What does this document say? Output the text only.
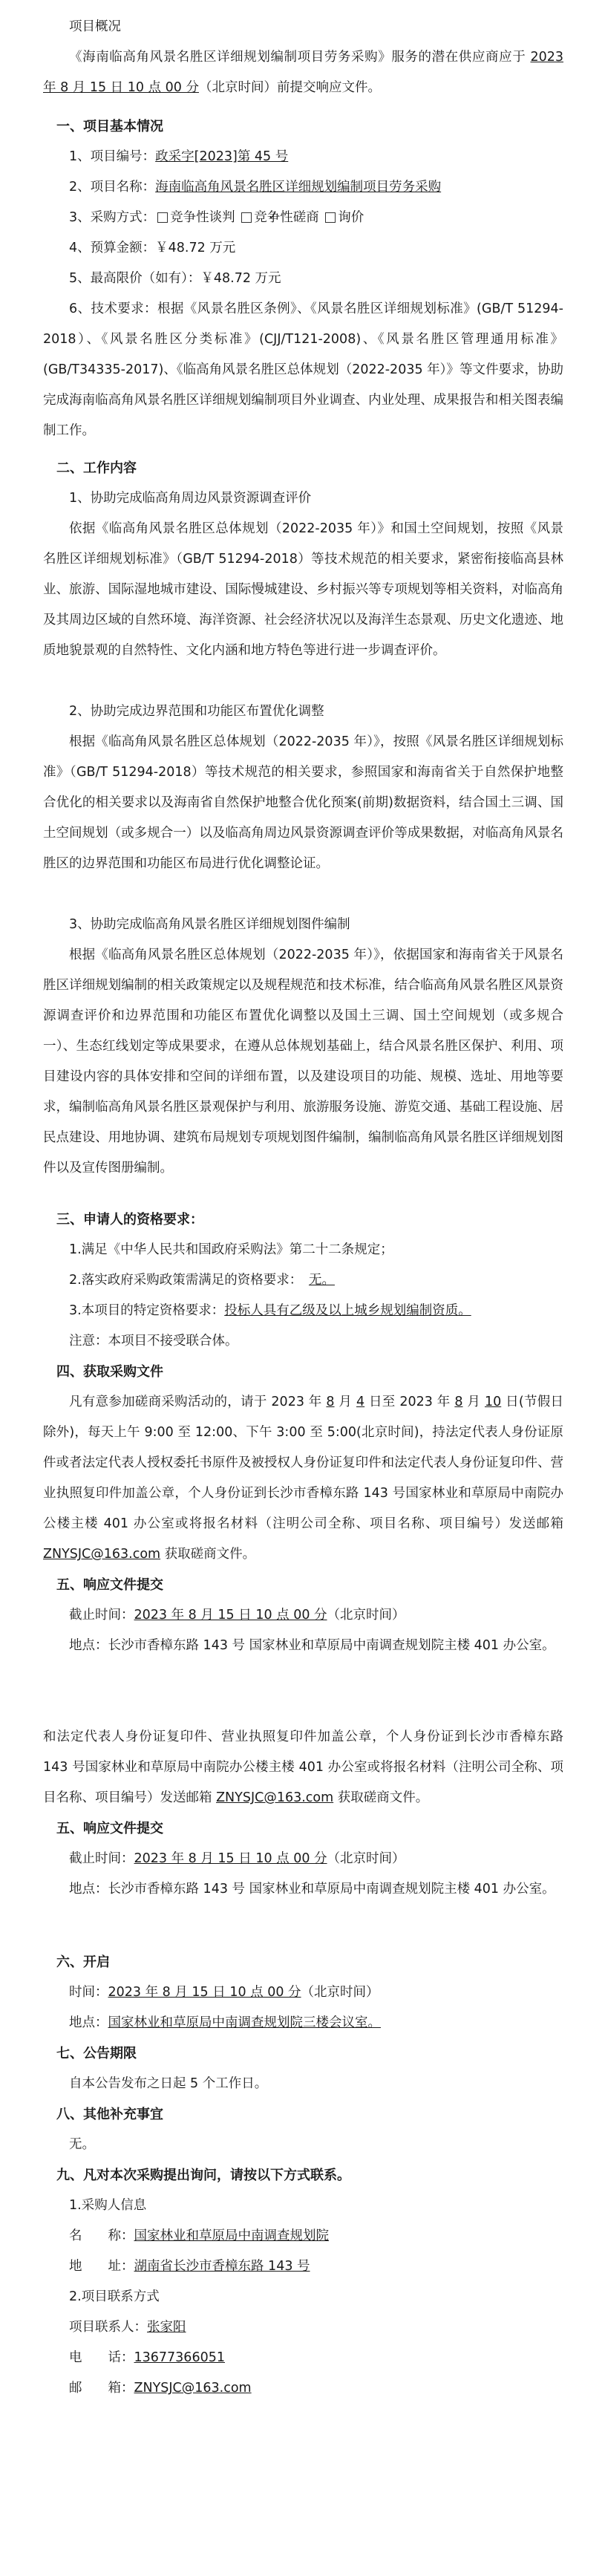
项目概况
《海南临高角风景名胜区详细规划编制项目劳务采购》服务的潜在供应商应于 2023 年 8 月 15 日 10 点 00 分（北京时间）前提交响应文件。
一、项目基本情况
1、项目编号：政采字[2023]第 45 号
2、项目名称：海南临高角风景名胜区详细规划编制项目劳务采购
3、采购方式： 竞争性谈判 ✓ 竞争性磋商 询价
4、预算金额：￥48.72 万元
5、最高限价（如有）：￥48.72 万元
6、技术要求：根据《风景名胜区条例》、《风景名胜区详细规划标准》(GB/T 51294-2018）、《风景名胜区分类标准》(CJJ/T121-2008)、《风景名胜区管理通用标准》(GB/T34335-2017)、《临高角风景名胜区总体规划（2022-2035 年）》等文件要求，协助完成海南临高角风景名胜区详细规划编制项目外业调查、内业处理、成果报告和相关图表编制工作。
二、工作内容
1、协助完成临高角周边风景资源调查评价
依据《临高角风景名胜区总体规划（2022-2035 年）》和国土空间规划，按照《风景名胜区详细规划标准》（GB/T 51294-2018）等技术规范的相关要求，紧密衔接临高县林业、旅游、国际湿地城市建设、国际慢城建设、乡村振兴等专项规划等相关资料，对临高角及其周边区域的自然环境、海洋资源、社会经济状况以及海洋生态景观、历史文化遗迹、地质地貌景观的自然特性、文化内涵和地方特色等进行进一步调查评价。
2、协助完成边界范围和功能区布置优化调整
根据《临高角风景名胜区总体规划（2022-2035 年）》，按照《风景名胜区详细规划标准》（GB/T 51294-2018）等技术规范的相关要求，参照国家和海南省关于自然保护地整合优化的相关要求以及海南省自然保护地整合优化预案(前期)数据资料，结合国土三调、国土空间规划（或多规合一）以及临高角周边风景资源调查评价等成果数据，对临高角风景名胜区的边界范围和功能区布局进行优化调整论证。
3、协助完成临高角风景名胜区详细规划图件编制
根据《临高角风景名胜区总体规划（2022-2035 年）》，依据国家和海南省关于风景名胜区详细规划编制的相关政策规定以及规程规范和技术标准，结合临高角风景名胜区风景资源调查评价和边界范围和功能区布置优化调整以及国土三调、国土空间规划（或多规合一）、生态红线划定等成果要求，在遵从总体规划基础上，结合风景名胜区保护、利用、项目建设内容的具体安排和空间的详细布置，以及建设项目的功能、规模、选址、用地等要求，编制临高角风景名胜区景观保护与利用、旅游服务设施、游览交通、基础工程设施、居民点建设、用地协调、建筑布局规划专项规划图件编制，编制临高角风景名胜区详细规划图件以及宣传图册编制。
三、申请人的资格要求：
1.满足《中华人民共和国政府采购法》第二十二条规定；
2.落实政府采购政策需满足的资格要求：　 无。
3.本项目的特定资格要求：投标人具有乙级及以上城乡规划编制资质。
注意：本项目不接受联合体。
四、获取采购文件
凡有意参加磋商采购活动的，请于 2023 年 8 月 4 日至 2023 年 8 月 10 日(节假日除外)，每天上午 9:00 至 12:00、下午 3:00 至 5:00(北京时间)，持法定代表人身份证原件或者法定代表人授权委托书原件及被授权人身份证复印件和法定代表人身份证复印件、营业执照复印件加盖公章，个人身份证到长沙市香樟东路 143 号国家林业和草原局中南院办公楼主楼 401 办公室或将报名材料（注明公司全称、项目名称、项目编号）发送邮箱 ZNYSJC@163.com 获取磋商文件。
五、响应文件提交
截止时间：2023 年 8 月 15 日 10 点 00 分（北京时间）
地点：长沙市香樟东路 143 号 国家林业和草原局中南调查规划院主楼 401 办公室。
和法定代表人身份证复印件、营业执照复印件加盖公章，个人身份证到长沙市香樟东路 143 号国家林业和草原局中南院办公楼主楼 401 办公室或将报名材料（注明公司全称、项目名称、项目编号）发送邮箱 ZNYSJC@163.com 获取磋商文件。
五、响应文件提交
截止时间：2023 年 8 月 15 日 10 点 00 分（北京时间）
地点：长沙市香樟东路 143 号 国家林业和草原局中南调查规划院主楼 401 办公室。
六、开启
时间：2023 年 8 月 15 日 10 点 00 分（北京时间）
地点：国家林业和草原局中南调查规划院三楼会议室。
七、公告期限
自本公告发布之日起 5 个工作日。
八、其他补充事宜
无。
九、凡对本次采购提出询问，请按以下方式联系。
1.采购人信息
名　　称：国家林业和草原局中南调查规划院
地　　址：湖南省长沙市香樟东路 143 号
2.项目联系方式
项目联系人：张家阳
电　　话：13677366051
邮　　箱：ZNYSJC@163.com
